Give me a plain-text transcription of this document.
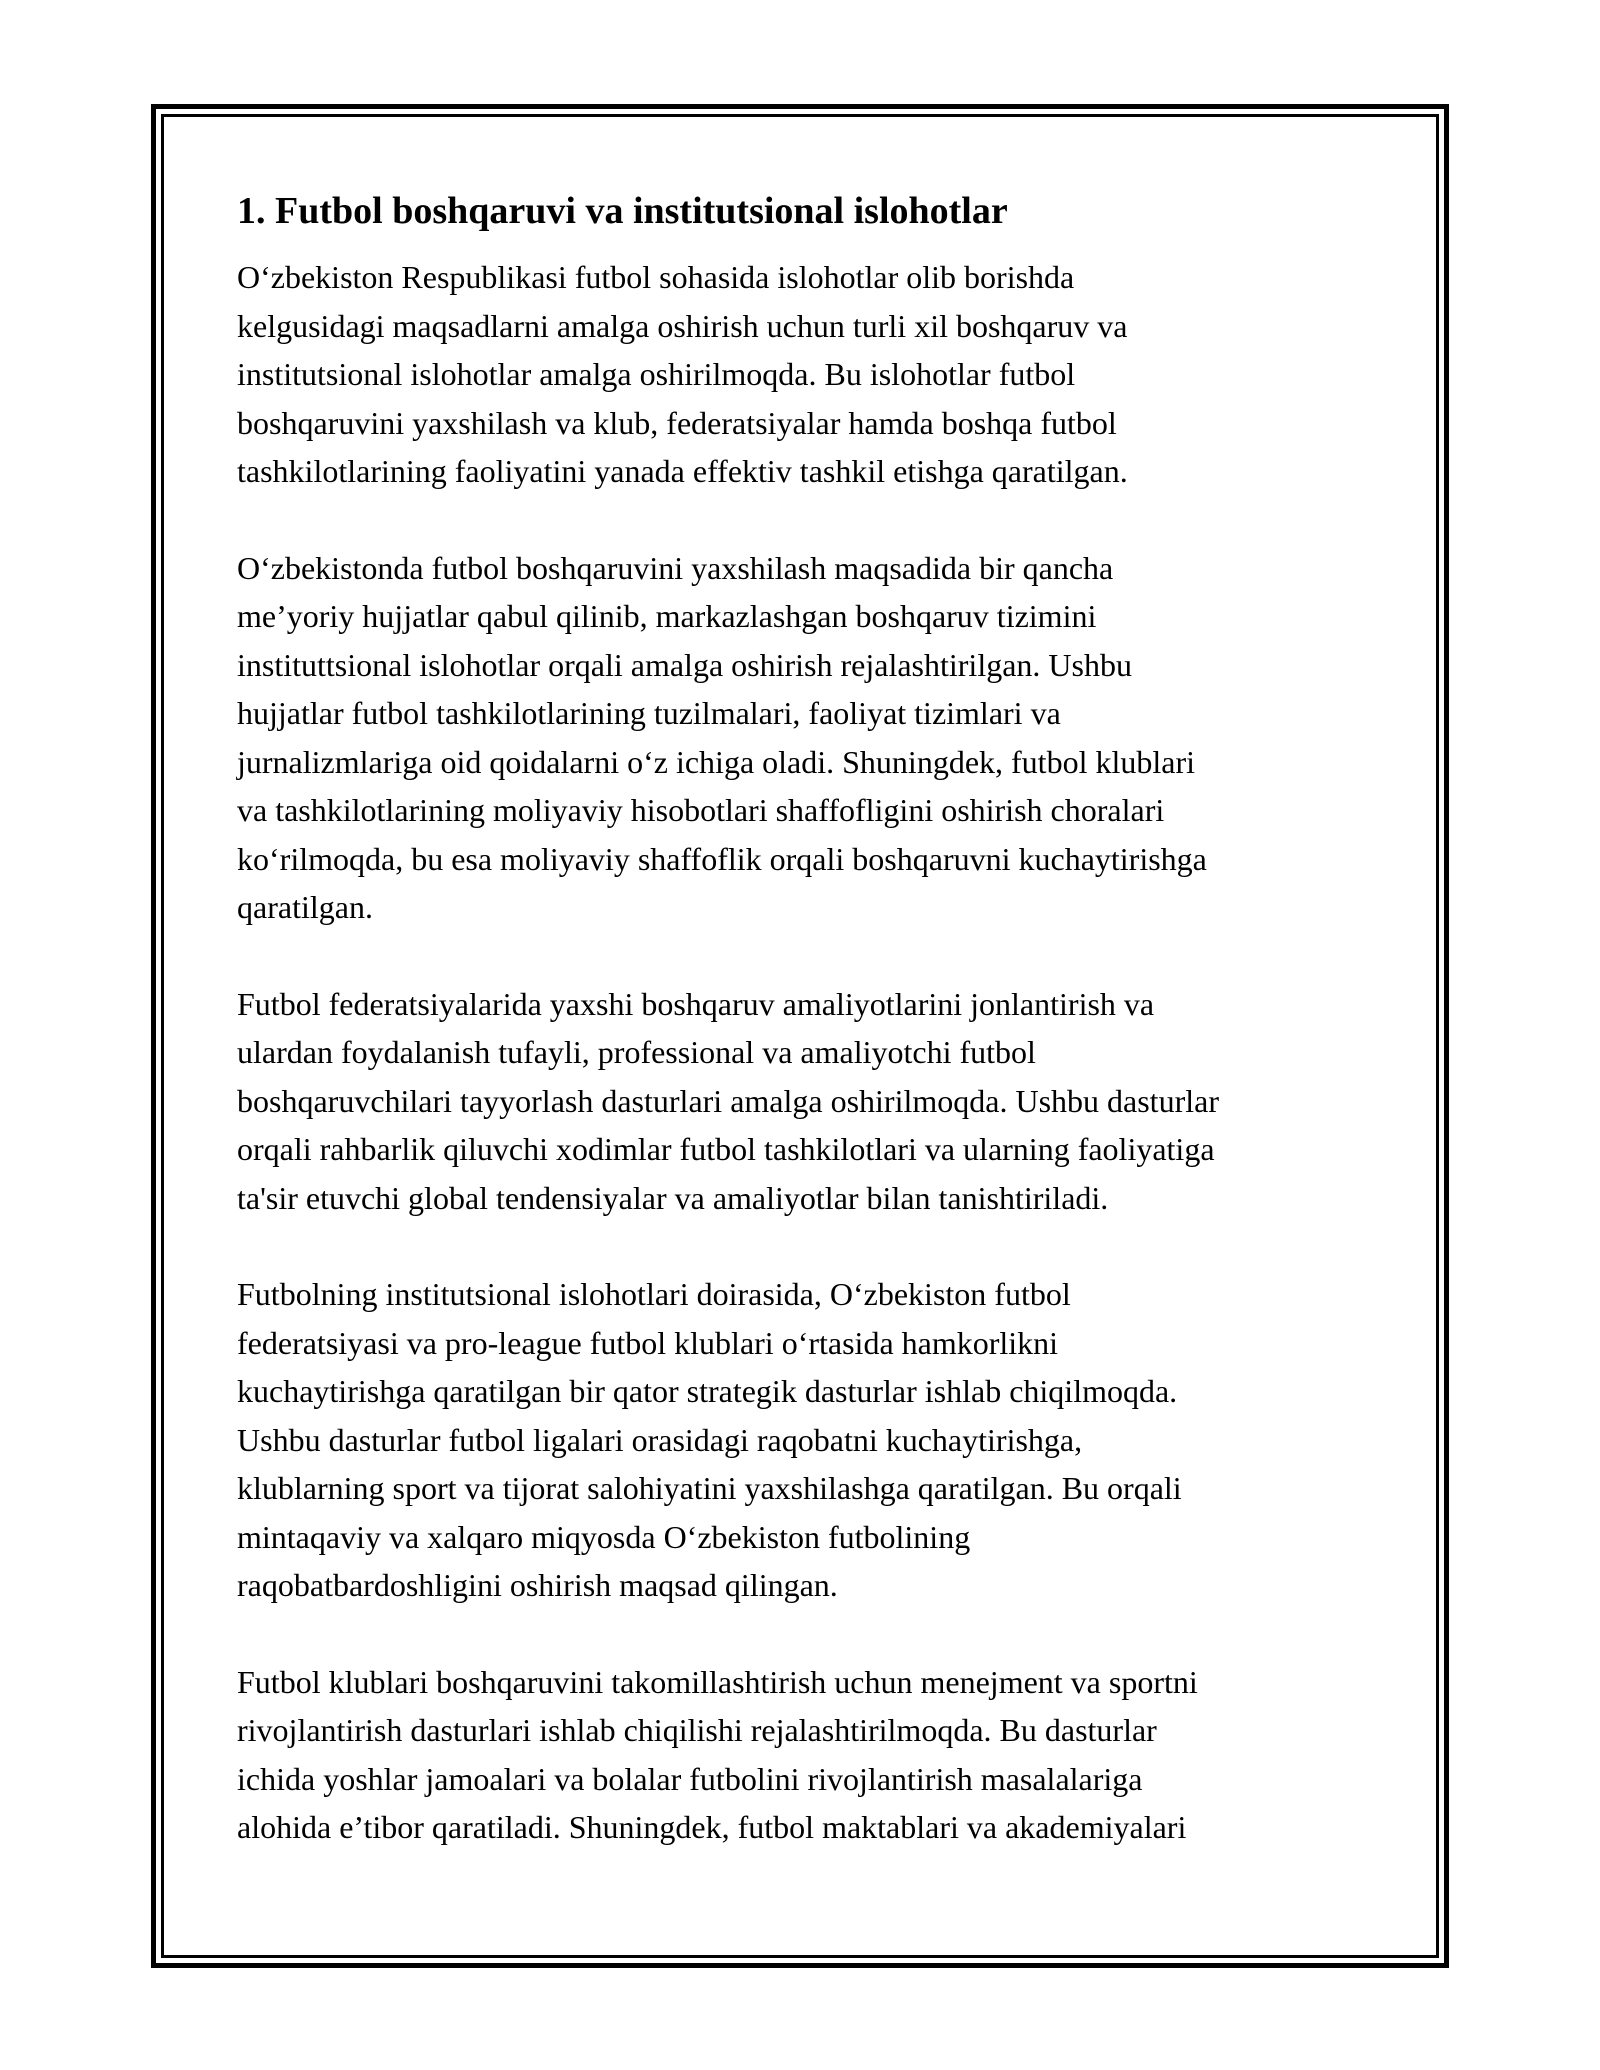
1. Futbol boshqaruvi va institutsional islohotlar

O‘zbekiston Respublikasi futbol sohasida islohotlar olib borishda
kelgusidagi maqsadlarni amalga oshirish uchun turli xil boshqaruv va
institutsional islohotlar amalga oshirilmoqda. Bu islohotlar futbol
boshqaruvini yaxshilash va klub, federatsiyalar hamda boshqa futbol
tashkilotlarining faoliyatini yanada effektiv tashkil etishga qaratilgan.

O‘zbekistonda futbol boshqaruvini yaxshilash maqsadida bir qancha
me’yoriy hujjatlar qabul qilinib, markazlashgan boshqaruv tizimini
instituttsional islohotlar orqali amalga oshirish rejalashtirilgan. Ushbu
hujjatlar futbol tashkilotlarining tuzilmalari, faoliyat tizimlari va
jurnalizmlariga oid qoidalarni o‘z ichiga oladi. Shuningdek, futbol klublari
va tashkilotlarining moliyaviy hisobotlari shaffofligini oshirish choralari
ko‘rilmoqda, bu esa moliyaviy shaffoflik orqali boshqaruvni kuchaytirishga
qaratilgan.

Futbol federatsiyalarida yaxshi boshqaruv amaliyotlarini jonlantirish va
ulardan foydalanish tufayli, professional va amaliyotchi futbol
boshqaruvchilari tayyorlash dasturlari amalga oshirilmoqda. Ushbu dasturlar
orqali rahbarlik qiluvchi xodimlar futbol tashkilotlari va ularning faoliyatiga
ta'sir etuvchi global tendensiyalar va amaliyotlar bilan tanishtiriladi.

Futbolning institutsional islohotlari doirasida, O‘zbekiston futbol
federatsiyasi va pro-league futbol klublari o‘rtasida hamkorlikni
kuchaytirishga qaratilgan bir qator strategik dasturlar ishlab chiqilmoqda.
Ushbu dasturlar futbol ligalari orasidagi raqobatni kuchaytirishga,
klublarning sport va tijorat salohiyatini yaxshilashga qaratilgan. Bu orqali
mintaqaviy va xalqaro miqyosda O‘zbekiston futbolining
raqobatbardoshligini oshirish maqsad qilingan.

Futbol klublari boshqaruvini takomillashtirish uchun menejment va sportni
rivojlantirish dasturlari ishlab chiqilishi rejalashtirilmoqda. Bu dasturlar
ichida yoshlar jamoalari va bolalar futbolini rivojlantirish masalalariga
alohida e’tibor qaratiladi. Shuningdek, futbol maktablari va akademiyalari
